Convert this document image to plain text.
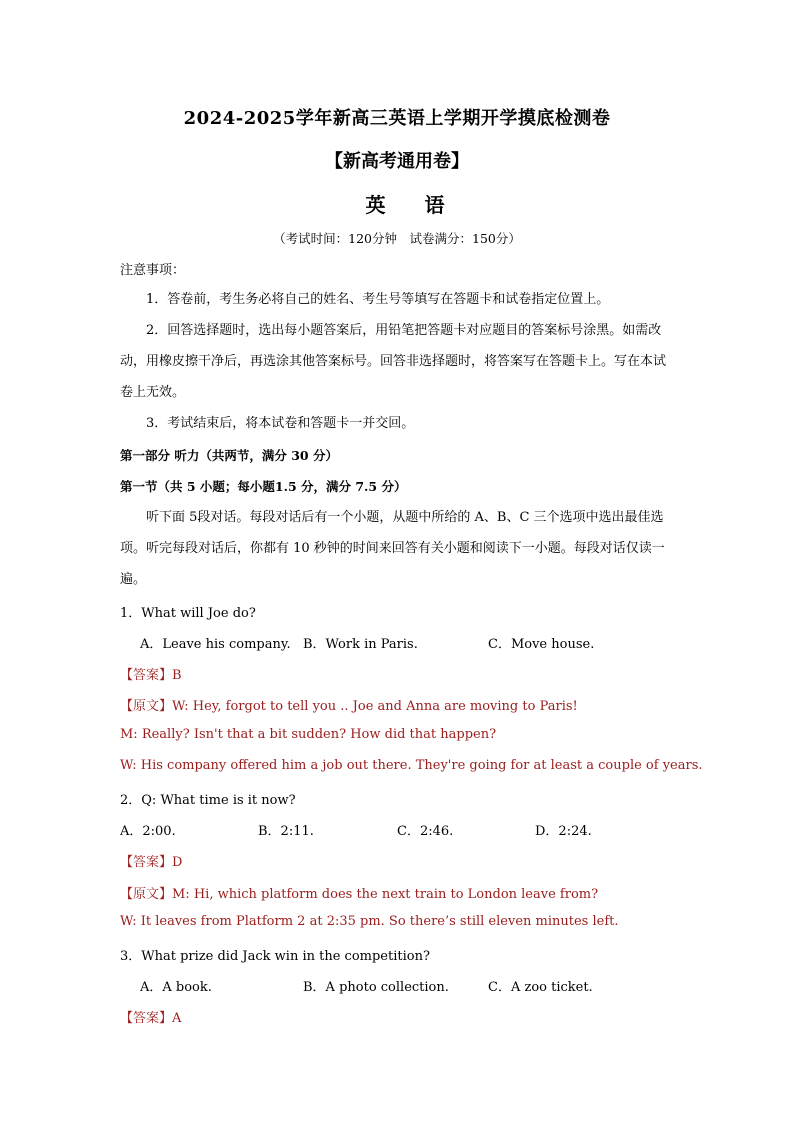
2024-2025学年新高三英语上学期开学摸底检测卷
【新高考通用卷】
英 语
（考试时间：120分钟　试卷满分：150分）
注意事项：
1．答卷前，考生务必将自己的姓名、考生号等填写在答题卡和试卷指定位置上。
2．回答选择题时，选出每小题答案后，用铅笔把答题卡对应题目的答案标号涂黑。如需改动，用橡皮擦干净后，再选涂其他答案标号。回答非选择题时，将答案写在答题卡上。写在本试卷上无效。
3．考试结束后，将本试卷和答题卡一并交回。
第一部分 听力（共两节，满分 30 分）
第一节（共 5 小题；每小题1.5 分，满分 7.5 分）
听下面 5段对话。每段对话后有一个小题，从题中所给的 A、B、C 三个选项中选出最佳选项。听完每段对话后，你都有 10 秒钟的时间来回答有关小题和阅读下一小题。每段对话仅读一遍。
1．What will Joe do?
A．Leave his company. B．Work in Paris.	C．Move house.
【答案】B
【原文】W: Hey, forgot to tell you .. Joe and Anna are moving to Paris!
M: Really? Isn't that a bit sudden? How did that happen?
W: His company offered him a job out there. They're going for at least a couple of years.
2．Q: What time is it now?
A．2:00.	B．2:11.	C．2:46.	D．2:24.
【答案】D
【原文】M: Hi, which platform does the next train to London leave from?
W: It leaves from Platform 2 at 2:35 pm. So there’s still eleven minutes left.
3．What prize did Jack win in the competition?
A．A book.	B．A photo collection.	C．A zoo ticket.
【答案】A
